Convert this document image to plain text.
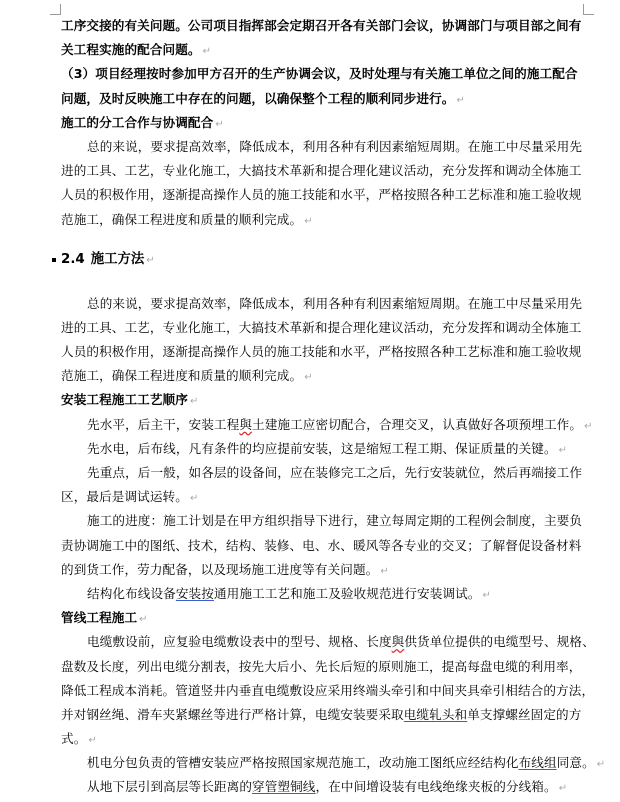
工序交接的有关问题。公司项目指挥部会定期召开各有关部门会议，协调部门与项目部之间有
关工程实施的配合问题。 ↵
（3）项目经理按时参加甲方召开的生产协调会议，及时处理与有关施工单位之间的施工配合
问题，及时反映施工中存在的问题，以确保整个工程的顺利同步进行。 ↵
施工的分工合作与协调配合 ↵
总的来说，要求提高效率，降低成本，利用各种有利因素缩短周期。在施工中尽量采用先
进的工具、工艺，专业化施工，大搞技术革新和提合理化建议活动，充分发挥和调动全体施工
人员的积极作用，逐渐提高操作人员的施工技能和水平，严格按照各种工艺标准和施工验收规
范施工，确保工程进度和质量的顺利完成。 ↵
2.4 施工方法 ↵
总的来说，要求提高效率，降低成本，利用各种有利因素缩短周期。在施工中尽量采用先
进的工具、工艺，专业化施工，大搞技术革新和提合理化建议活动，充分发挥和调动全体施工
人员的积极作用，逐渐提高操作人员的施工技能和水平，严格按照各种工艺标准和施工验收规
范施工，确保工程进度和质量的顺利完成。 ↵
安装工程施工工艺顺序 ↵
先水平，后主干，安装工程與土建施工应密切配合，合理交叉，认真做好各项预埋工作。 ↵
先水电，后布线，凡有条件的均应提前安装，这是缩短工程工期、保证质量的关键。 ↵
先重点，后一般，如各层的设备间，应在装修完工之后，先行安装就位，然后再端接工作
区，最后是调试运转。 ↵
施工的进度：施工计划是在甲方组织指导下进行，建立每周定期的工程例会制度，主要负
责协调施工中的图纸、技术，结构、装修、电、水、暖风等各专业的交叉；了解督促设备材料
的到货工作，劳力配备，以及现场施工进度等有关问题。 ↵
结构化布线设备安装按通用施工工艺和施工及验收规范进行安装调试。 ↵
管线工程施工 ↵
电缆敷设前，应复验电缆敷设表中的型号、规格、长度與供货单位提供的电缆型号、规格、
盘数及长度，列出电缆分割表，按先大后小、先长后短的原则施工，提高每盘电缆的利用率，
降低工程成本消耗。管道竖井内垂直电缆敷设应采用终端头牵引和中间夹具牵引相结合的方法，
并对钢丝绳、滑车夹紧螺丝等进行严格计算，电缆安装要采取电缆轧头和单支撑螺丝固定的方
式。 ↵
机电分包负责的管槽安装应严格按照国家规范施工，改动施工图纸应经结构化布线组同意。 ↵
从地下层引到高层等长距离的穿管塑铜线，在中间增设装有电线绝缘夹板的分线箱。 ↵
